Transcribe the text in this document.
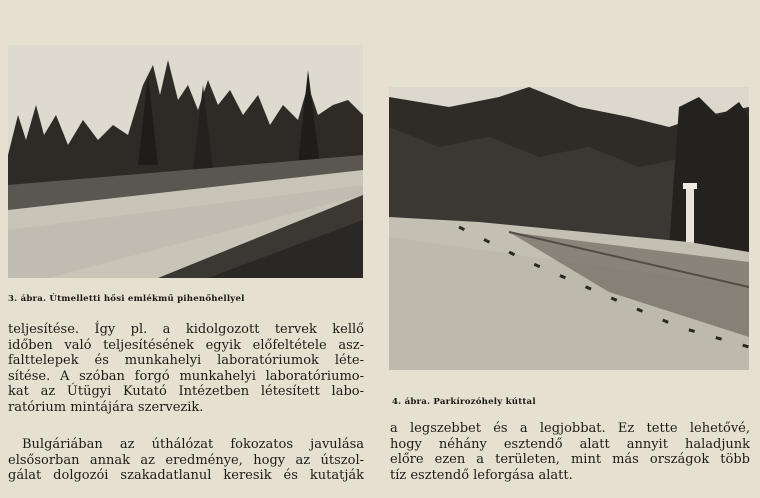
3. ábra. Útmelletti hősi emlékmű pihenőhellyel
4. ábra. Parkírozóhely kúttal
teljesítése. Így pl. a kidolgozott tervek kellő
időben való teljesítésének egyik előfeltétele asz-
faltteleрek és munkahelyi laboratóriumok léte-
sítése. A szóban forgó munkahelyi laboratóriumo-
kat az Útügyi Kutató Intézetben létesített labo-
ratórium mintájára szervezik.
Bulgáriában az úthálózat fokozatos javulása
elsősorban annak az eredménye, hogy az útszol-
gálat dolgozói szakadatlanul keresik és kutatják
a legszebbet és a legjobbat. Ez tette lehetővé,
hogy néhány esztendő alatt annyit haladjunk
előre ezen a területen, mint más országok több
tíz esztendő leforgása alatt.
